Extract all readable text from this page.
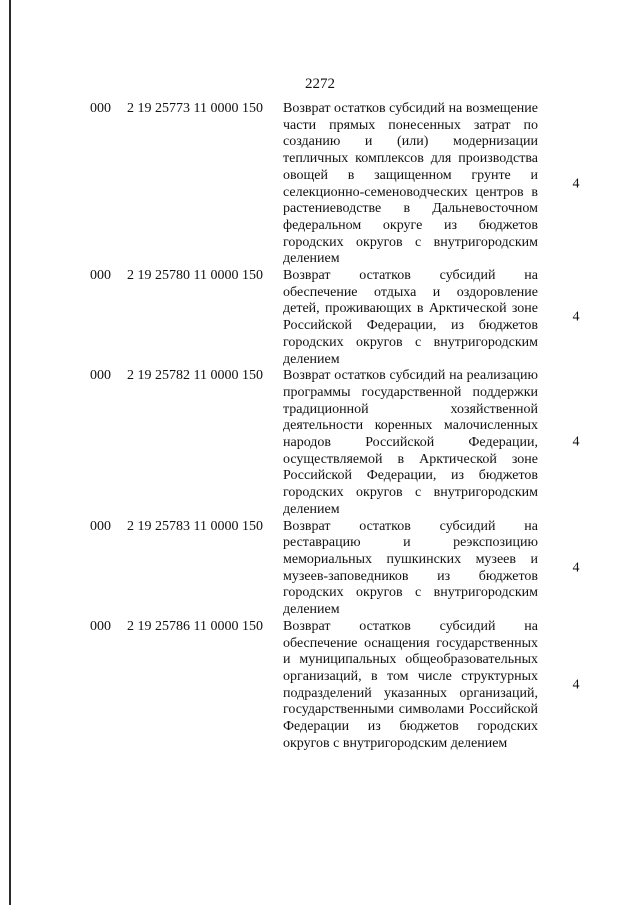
2272
000 2 19 25773 11 0000 150 Возврат остатков субсидий на возмещение части прямых понесенных затрат по созданию и (или) модернизации тепличных комплексов для производства овощей в защищенном грунте и селекционно-семеноводческих центров в растениеводстве в Дальневосточном федеральном округе из бюджетов городских округов с внутригородским делением
4
000 2 19 25780 11 0000 150 Возврат остатков субсидий на обеспечение отдыха и оздоровление детей, проживающих в Арктической зоне Российской Федерации, из бюджетов городских округов с внутригородским делением
4
000 2 19 25782 11 0000 150 Возврат остатков субсидий на реализацию программы государственной поддержки традиционной хозяйственной деятельности коренных малочисленных народов Российской Федерации, осуществляемой в Арктической зоне Российской Федерации, из бюджетов городских округов с внутригородским делением
4
000 2 19 25783 11 0000 150 Возврат остатков субсидий на реставрацию и реэкспозицию мемориальных пушкинских музеев и музеев-заповедников из бюджетов городских округов с внутригородским делением
4
000 2 19 25786 11 0000 150 Возврат остатков субсидий на обеспечение оснащения государственных и муниципальных общеобразовательных организаций, в том числе структурных подразделений указанных организаций, государственными символами Российской Федерации из бюджетов городских округов с внутригородским делением
4
